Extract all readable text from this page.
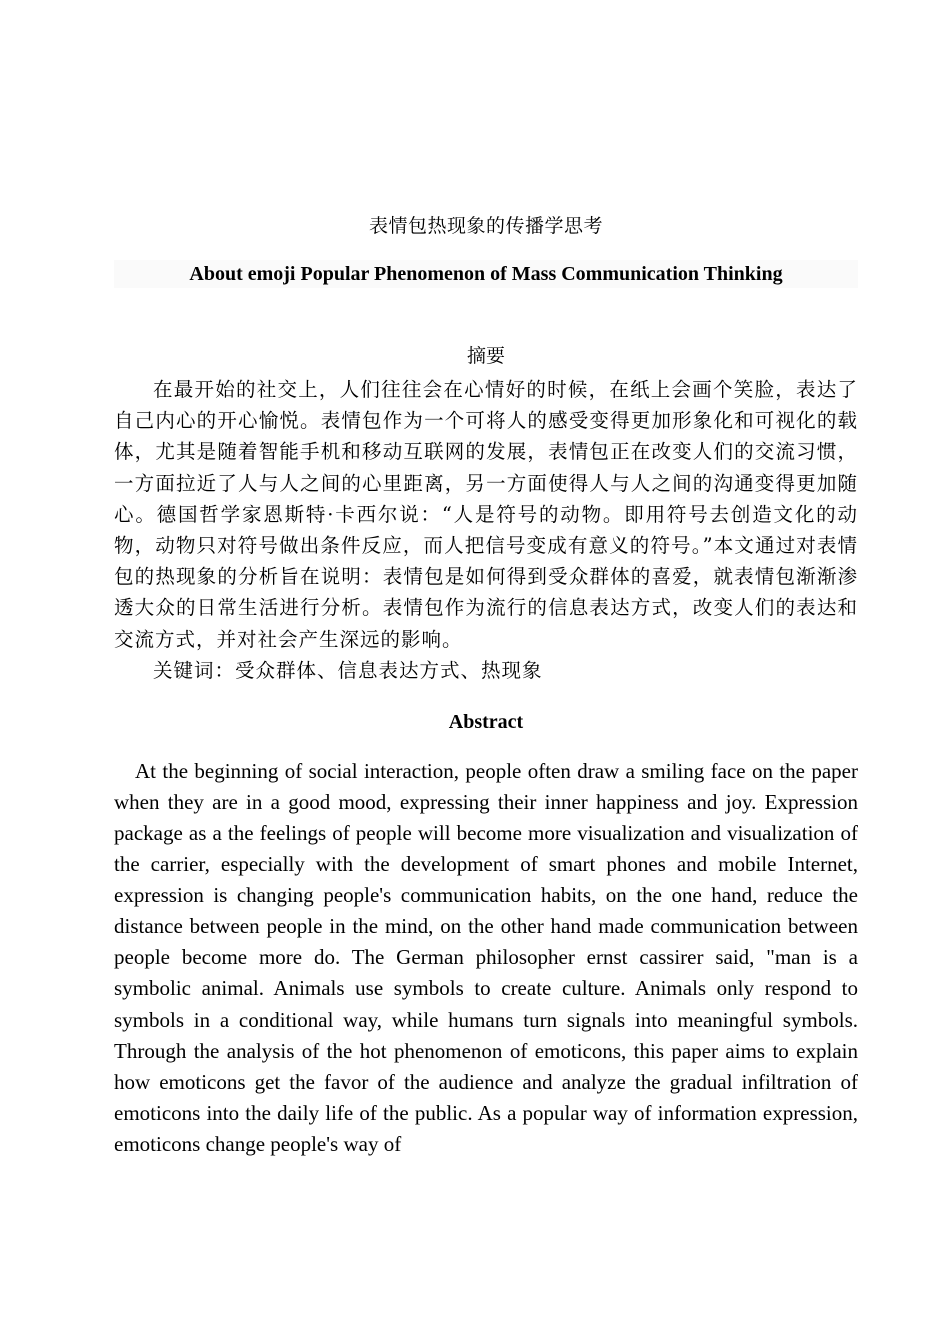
表情包热现象的传播学思考
About emoji Popular Phenomenon of Mass Communication Thinking
摘要
在最开始的社交上，人们往往会在心情好的时候，在纸上会画个笑脸，表达了自己内心的开心愉悦。表情包作为一个可将人的感受变得更加形象化和可视化的载体，尤其是随着智能手机和移动互联网的发展，表情包正在改变人们的交流习惯，一方面拉近了人与人之间的心里距离，另一方面使得人与人之间的沟通变得更加随心。德国哲学家恩斯特·卡西尔说：“人是符号的动物。即用符号去创造文化的动物，动物只对符号做出条件反应，而人把信号变成有意义的符号。”本文通过对表情包的热现象的分析旨在说明：表情包是如何得到受众群体的喜爱，就表情包渐渐渗透大众的日常生活进行分析。表情包作为流行的信息表达方式，改变人们的表达和交流方式，并对社会产生深远的影响。
关键词：受众群体、信息表达方式、热现象
Abstract
At the beginning of social interaction, people often draw a smiling face on the paper when they are in a good mood, expressing their inner happiness and joy. Expression package as a the feelings of people will become more visualization and visualization of the carrier, especially with the development of smart phones and mobile Internet, expression is changing people's communication habits, on the one hand, reduce the distance between people in the mind, on the other hand made communication between people become more do. The German philosopher ernst cassirer said, "man is a symbolic animal. Animals use symbols to create culture. Animals only respond to symbols in a conditional way, while humans turn signals into meaningful symbols. Through the analysis of the hot phenomenon of emoticons, this paper aims to explain how emoticons get the favor of the audience and analyze the gradual infiltration of emoticons into the daily life of the public. As a popular way of information expression, emoticons change people's way of
